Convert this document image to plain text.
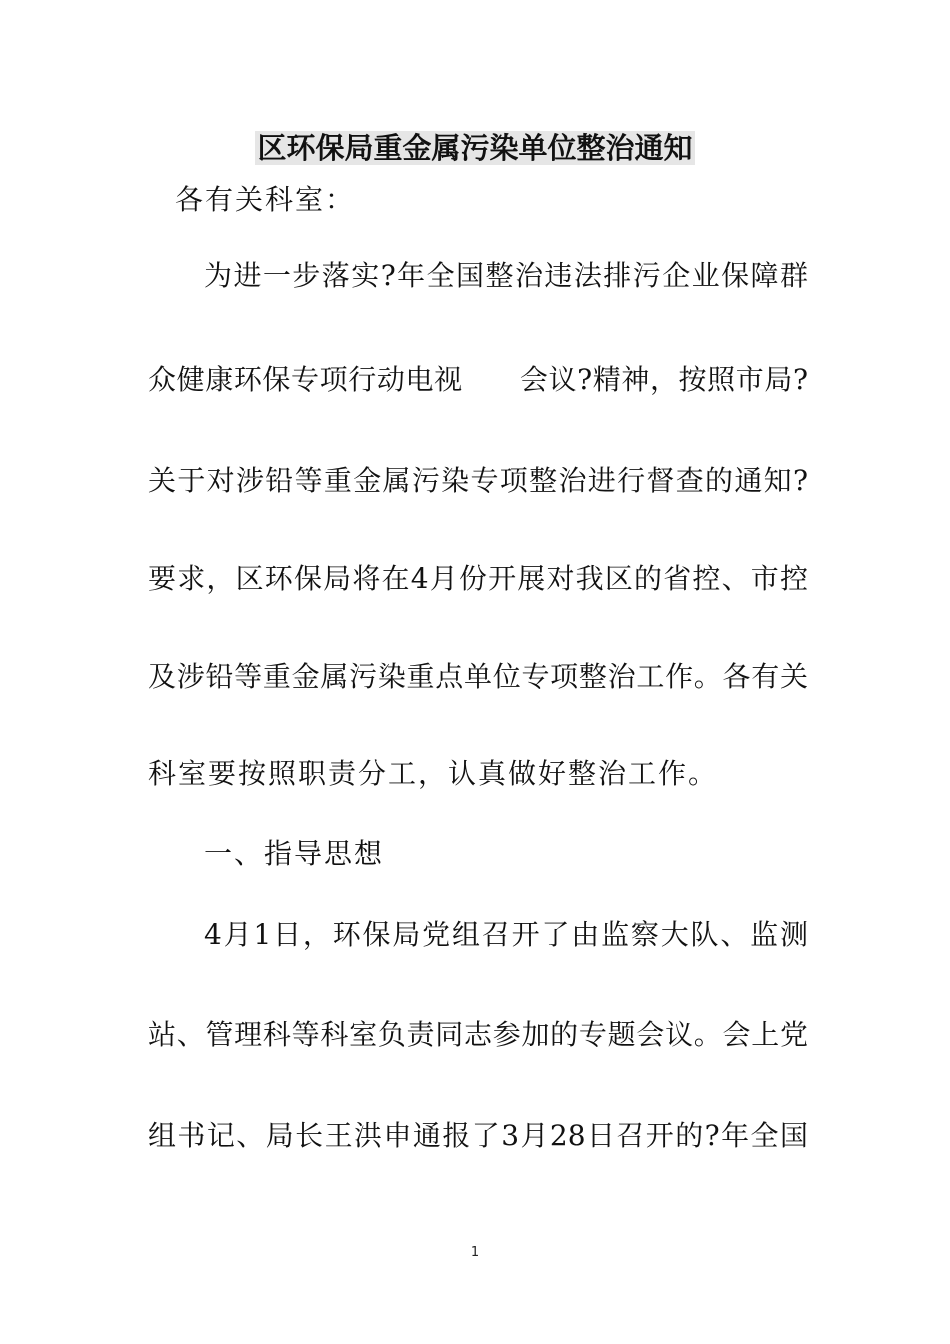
区环保局重金属污染单位整治通知
各有关科室：
为进一步落实?年全国整治违法排污企业保障群
众健康环保专项行动电视　　会议?精神，按照市局?
关于对涉铅等重金属污染专项整治进行督查的通知?
要求，区环保局将在4月份开展对我区的省控、市控
及涉铅等重金属污染重点单位专项整治工作。各有关
科室要按照职责分工，认真做好整治工作。
一、指导思想
4月1日，环保局党组召开了由监察大队、监测
站、管理科等科室负责同志参加的专题会议。会上党
组书记、局长王洪申通报了3月28日召开的?年全国
1
